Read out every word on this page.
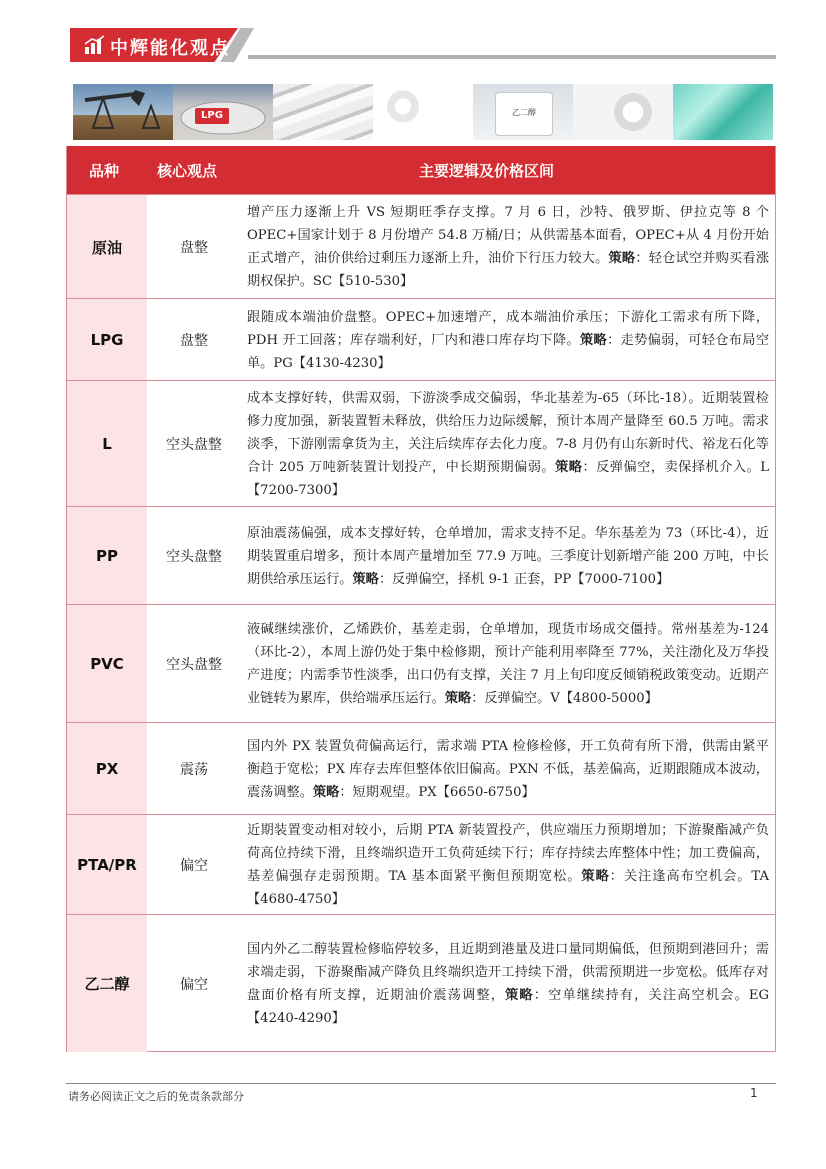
中辉能化观点
LPG	乙二醇
品种	核心观点	主要逻辑及价格区间
原油	盘整
增产压力逐渐上升 VS 短期旺季存支撑。7 月 6 日，沙特、俄罗斯、伊拉克等 8 个 OPEC+国家计划于 8 月份增产 54.8 万桶/日；从供需基本面看，OPEC+从 4 月份开始正式增产，油价供给过剩压力逐渐上升，油价下行压力较大。策略：轻仓试空并购买看涨期权保护。SC【510-530】
LPG	盘整
跟随成本端油价盘整。OPEC+加速增产，成本端油价承压；下游化工需求有所下降，PDH 开工回落；库存端利好，厂内和港口库存均下降。策略：走势偏弱，可轻仓布局空单。PG【4130-4230】
L	空头盘整
成本支撑好转，供需双弱，下游淡季成交偏弱，华北基差为-65（环比-18）。近期装置检修力度加强，新装置暂未释放，供给压力边际缓解，预计本周产量降至 60.5 万吨。需求淡季，下游刚需拿货为主，关注后续库存去化力度。7-8 月仍有山东新时代、裕龙石化等合计 205 万吨新装置计划投产，中长期预期偏弱。策略：反弹偏空，卖保择机介入。L【7200-7300】
PP	空头盘整
原油震荡偏强，成本支撑好转，仓单增加，需求支持不足。华东基差为 73（环比-4），近期装置重启增多，预计本周产量增加至 77.9 万吨。三季度计划新增产能 200 万吨，中长期供给承压运行。策略：反弹偏空，择机 9-1 正套，PP【7000-7100】
PVC	空头盘整
液碱继续涨价，乙烯跌价，基差走弱，仓单增加，现货市场成交僵持。常州基差为-124（环比-2），本周上游仍处于集中检修期，预计产能利用率降至 77%，关注渤化及万华投产进度；内需季节性淡季，出口仍有支撑，关注 7 月上旬印度反倾销税政策变动。近期产业链转为累库，供给端承压运行。策略：反弹偏空。V【4800-5000】
PX	震荡
国内外 PX 装置负荷偏高运行，需求端 PTA 检修检修，开工负荷有所下滑，供需由紧平衡趋于宽松；PX 库存去库但整体依旧偏高。PXN 不低，基差偏高，近期跟随成本波动，震荡调整。策略：短期观望。PX【6650-6750】
PTA/PR	偏空
近期装置变动相对较小，后期 PTA 新装置投产，供应端压力预期增加；下游聚酯减产负荷高位持续下滑，且终端织造开工负荷延续下行；库存持续去库整体中性；加工费偏高，基差偏强存走弱预期。TA 基本面紧平衡但预期宽松。策略：关注逢高布空机会。TA【4680-4750】
乙二醇	偏空
国内外乙二醇装置检修临停较多，且近期到港量及进口量同期偏低，但预期到港回升；需求端走弱，下游聚酯减产降负且终端织造开工持续下滑，供需预期进一步宽松。低库存对盘面价格有所支撑，近期油价震荡调整，策略：空单继续持有，关注高空机会。EG【4240-4290】
请务必阅读正文之后的免责条款部分	1
